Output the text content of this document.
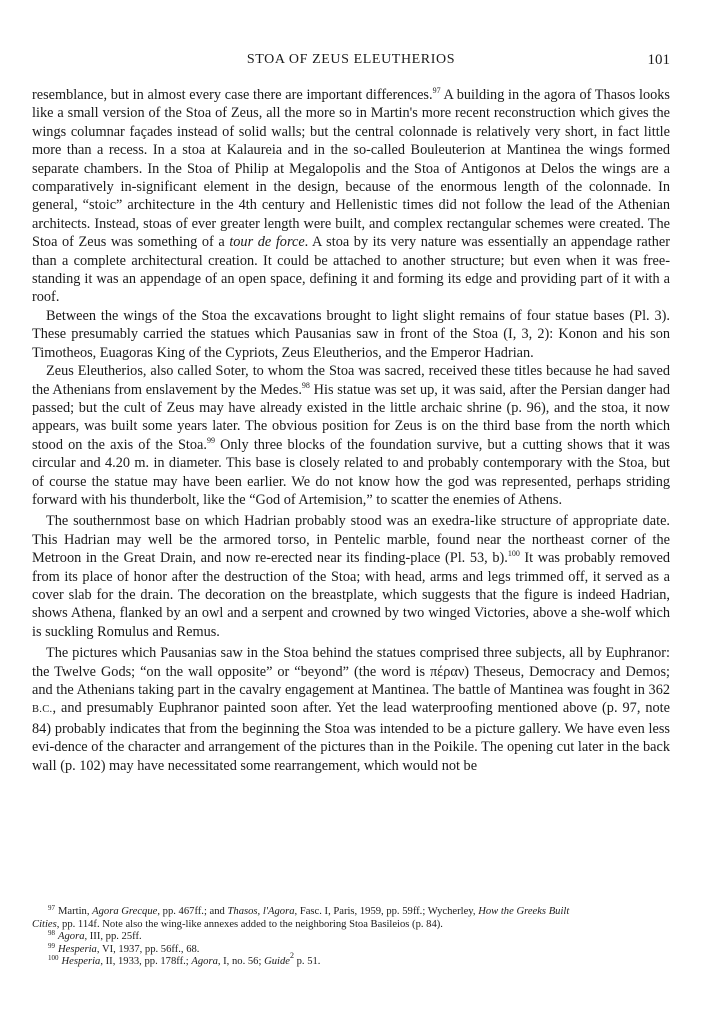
STOA OF ZEUS ELEUTHERIOS	101

resemblance, but in almost every case there are important differences.$^{97}$ A building in the agora of Thasos looks like a small version of the Stoa of Zeus, all the more so in Martin's more recent reconstruction which gives the wings columnar façades instead of solid walls; but the central colonnade is relatively very short, in fact little more than a recess. In a stoa at Kalaureia and in the so-called Bouleuterion at Mantinea the wings formed separate chambers. In the Stoa of Philip at Megalopolis and the Stoa of Antigonos at Delos the wings are a comparatively in-significant element in the design, because of the enormous length of the colonnade. In general, “stoic” architecture in the 4th century and Hellenistic times did not follow the lead of the Athenian architects. Instead, stoas of ever greater length were built, and complex rectangular schemes were created. The Stoa of Zeus was something of a tour de force. A stoa by its very nature was essentially an appendage rather than a complete architectural creation. It could be attached to another structure; but even when it was free-standing it was an appendage of an open space, defining it and forming its edge and providing part of it with a roof.

Between the wings of the Stoa the excavations brought to light slight remains of four statue bases (Pl. 3). These presumably carried the statues which Pausanias saw in front of the Stoa (I, 3, 2): Konon and his son Timotheos, Euagoras King of the Cypriots, Zeus Eleutherios, and the Emperor Hadrian.

Zeus Eleutherios, also called Soter, to whom the Stoa was sacred, received these titles because he had saved the Athenians from enslavement by the Medes.$^{98}$ His statue was set up, it was said, after the Persian danger had passed; but the cult of Zeus may have already existed in the little archaic shrine (p. 96), and the stoa, it now appears, was built some years later. The obvious position for Zeus is on the third base from the north which stood on the axis of the Stoa.$^{99}$ Only three blocks of the foundation survive, but a cutting shows that it was circular and 4.20 m. in diameter. This base is closely related to and probably contemporary with the Stoa, but of course the statue may have been earlier. We do not know how the god was represented, perhaps striding forward with his thunderbolt, like the “God of Artemision,” to scatter the enemies of Athens.

The southernmost base on which Hadrian probably stood was an exedra-like structure of appropriate date. This Hadrian may well be the armored torso, in Pentelic marble, found near the northeast corner of the Metroon in the Great Drain, and now re-erected near its finding-place (Pl. 53, b).$^{100}$ It was probably removed from its place of honor after the destruction of the Stoa; with head, arms and legs trimmed off, it served as a cover slab for the drain. The decoration on the breastplate, which suggests that the figure is indeed Hadrian, shows Athena, flanked by an owl and a serpent and crowned by two winged Victories, above a she-wolf which is suckling Romulus and Remus.

The pictures which Pausanias saw in the Stoa behind the statues comprised three subjects, all by Euphranor: the Twelve Gods; “on the wall opposite” or “beyond” (the word is πέραν) Theseus, Democracy and Demos; and the Athenians taking part in the cavalry engagement at Mantinea. The battle of Mantinea was fought in 362 B.C., and presumably Euphranor painted soon after. Yet the lead waterproofing mentioned above (p. 97, note 84) probably indicates that from the beginning the Stoa was intended to be a picture gallery. We have even less evi-dence of the character and arrangement of the pictures than in the Poikile. The opening cut later in the back wall (p. 102) may have necessitated some rearrangement, which would not be

$^{97}$ Martin, Agora Grecque, pp. 467ff.; and Thasos, l'Agora, Fasc. I, Paris, 1959, pp. 59ff.; Wycherley, How the Greeks Built
Cities, pp. 114f. Note also the wing-like annexes added to the neighboring Stoa Basileios (p. 84).

$^{98}$ Agora, III, pp. 25ff.

$^{99}$ Hesperia, VI, 1937, pp. 56ff., 68.

$^{100}$ Hesperia, II, 1933, pp. 178ff.; Agora, I, no. 56; Guide$^2$ p. 51.
